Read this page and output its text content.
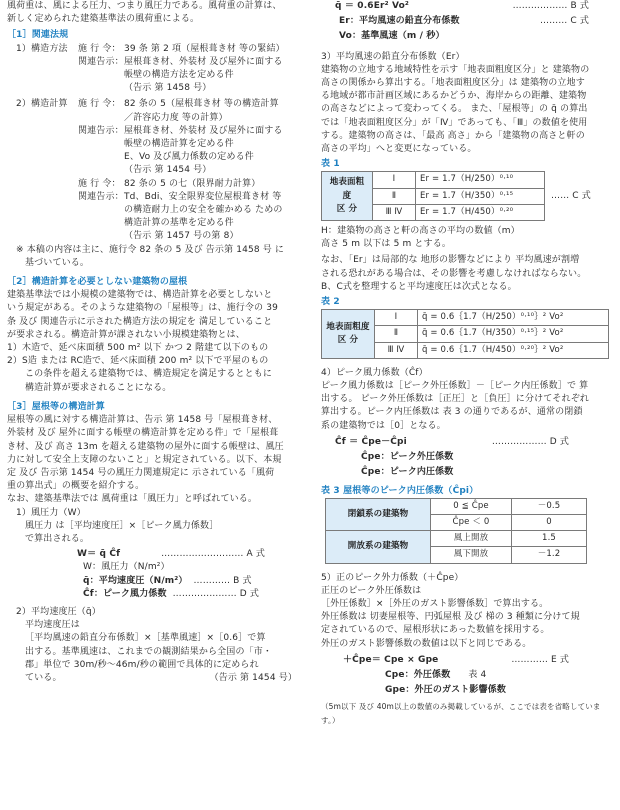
風荷重は、風による圧力、つまり風圧力である。風荷重の計算は、

新しく定められた建築基準法の風荷重による。

［1］関連法規

1）構造方法	施 行 令： 39 条 第 2 項（屋根葺き材 等の緊結）
関連告示： 屋根葺き材、外装材 及び屋外に面する
帳壁の構造方法を定める件
（告示 第 1458 号）
2）構造計算	施 行 令： 82 条の 5（屋根葺き材 等の構造計算
／許容応力度 等の計算）
関連告示： 屋根葺き材、外装材 及び屋外に面する
帳壁の構造計算を定める件
E、Vo 及び風力係数の定める件
（告示 第 1454 号）
施 行 令： 82 条の 5 の七（限界耐力計算）
関連告示： Td、Bdi、安全限界変位屋根葺き材 等
の構造耐力上の安全を確かめる ための
構造計算の基準を定める件
（告示 第 1457 号の第 8）

※ 本稿の内容は主に、施行令 82 条の 5 及び 告示第 1458 号 に

基づいている。

［2］構造計算を必要としない建築物の屋根

建築基準法では小規模の建築物では、構造計算を必要としないと

いう規定がある。そのような建築物の「屋根等」は、施行令の 39

条 及び 関連告示に示された構造方法の規定を 満足していること

が要求される。構造計算が課されない小規模建築物とは、

1）木造で、延べ床面積 500 m² 以下 かつ 2 階建て以下のもの

2）S造 または RC造で、延べ床面積 200 m² 以下で平屋のもの

この条件を超える建築物では、構造規定を満足するとともに

構造計算が要求されることになる。

［3］屋根等の構造計算

屋根等の風に対する構造計算は、告示 第 1458 号「屋根葺き材、

外装材 及び 屋外に面する帳壁の構造計算を定める件」で「屋根葺

き材、及び 高さ 13m を超える建築物の屋外に面する帳壁は、風圧

力に対して安全上支障のないこと」と規定されている。以下、本規

定 及び 告示第 1454 号の風圧力関連規定に 示されている「風荷

重の算出式」の概要を紹介する。

なお、建築基準法では 風荷重は「風圧力」と呼ばれている。

1）風圧力（W）

風圧力 は［平均速度圧］×［ピーク風力係数］

で算出される。

W＝ q̄ Ĉf	……………………… A 式

W：風圧力（N/m²）

q̄：平均速度圧（N/m²） ………… B 式
Ĉf：ピーク風力係数 ………………… D 式

2）平均速度圧（q̄）

平均速度圧は

［平均風速の鉛直分布係数］×［基準風速］×［0.6］で算

出する。基準風速は、これまでの観測結果から全国の「市・

郡」単位で 30m/秒〜46m/秒の範囲で具体的に定められ

ている。	（告示 第 1454 号）
q̄ ＝ 0.6Er² Vo²	……………… B 式
Er：平均風速の鉛直分布係数	……… C 式

Vo：基準風速（m / 秒）

3）平均風速の鉛直分布係数（Er）

建築物の立地する地域特性を示す「地表面粗度区分」と 建築物の

高さの関係から算出する。「地表面粗度区分」は 建築物の立地す

る地域が都市計画区域にあるかどうか、海岸からの距離、建築物

の高さなどによって変わってくる。 また、「屋根等」の q̄ の算出

では「地表面粗度区分」が「Ⅳ」であっても、「Ⅲ」の数値を使用

する。建築物の高さは、「最高 高さ」から「建築物の高さと軒の

高さの平均」へと変更になっている。

表 1

地表面粗度
区 分	Ⅰ	Er = 1.7（H/250）⁰·¹⁰
	Ⅱ	Er = 1.7（H/350）⁰·¹⁵
	Ⅲ Ⅳ	Er = 1.7（H/450）⁰·²⁰
…… C 式

H：建築物の高さと軒の高さの平均の数値（m）

高さ 5 m 以下は 5 m とする。

なお、「Er」は局部的な 地形の影響などにより 平均風速が割増

される恐れがある場合は、その影響を考慮しなければならない。

B、C式を整理すると平均速度圧は次式となる。

表 2

地表面粗度
区 分	Ⅰ	q̄ = 0.6｛1.7（H/250）⁰·¹⁰｝² Vo²
	Ⅱ	q̄ = 0.6｛1.7（H/350）⁰·¹⁵｝² Vo²
	Ⅲ Ⅳ	q̄ = 0.6｛1.7（H/450）⁰·²⁰｝² Vo²

4）ピーク風力係数（Ĉf）

ピーク風力係数は［ピーク外圧係数］－［ピーク内圧係数］で 算

出する。 ピーク外圧係数は［正圧］と［負圧］に分けてそれぞれ

算出する。ピーク内圧係数は 表 3 の通りであるが、通常の閉鎖

系の建築物では［0］となる。

Ĉf ＝ Ĉpe－Ĉpi	……………… D 式

Ĉpe：ピーク外圧係数

Ĉpe：ピーク内圧係数

表 3 屋根等のピーク内圧係数（Ĉpi）

閉鎖系の建築物	0 ≦ Ĉpe	－0.5
	Ĉpe ＜ 0	0
開放系の建築物	風上開放	1.5
	風下開放	－1.2

5）正のピーク外力係数（＋Ĉpe）

正圧のピーク外圧係数は

［外圧係数］×［外圧のガスト影響係数］で算出する。

外圧係数は 切妻屋根等、円弧屋根 及び 梯の 3 種類に分けて規

定されているので、屋根形状にあった数値を採用する。

外圧のガスト影響係数の数値は以下と同じである。

＋Ĉpe＝ Cpe × Gpe	………… E 式
Cpe：外圧係数 表 4

Gpe：外圧のガスト影響係数

（5m以下 及び 40m以上の数値のみ掲載しているが、ここでは表を省略しています。）
